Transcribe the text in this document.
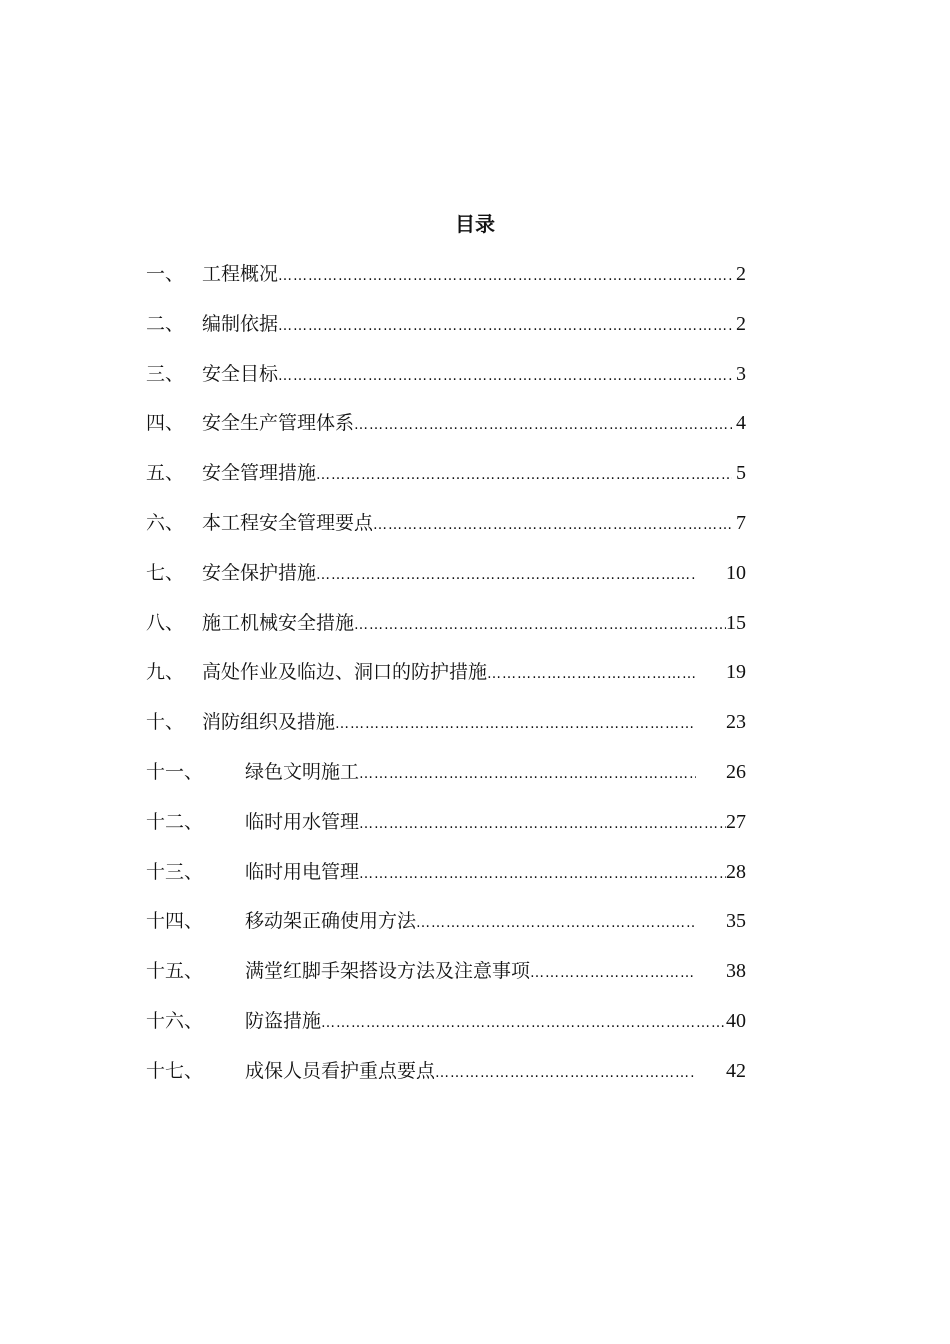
目录
一、 工程概况 …………………………………………………………………………………………………………	2
二、 编制依据 …………………………………………………………………………………………………………	2
三、 安全目标 …………………………………………………………………………………………………………	3
四、 安全生产管理体系 …………………………………………………………………………………………………………	4
五、 安全管理措施 …………………………………………………………………………………………………………	5
六、 本工程安全管理要点 …………………………………………………………………………………………………………	7
七、 安全保护措施 …………………………………………………………………………………………………………	10
八、 施工机械安全措施 …………………………………………………………………………………………………………	15
九、 高处作业及临边、洞口的防护措施 …………………………………………………………………………………………………………	19
十、 消防组织及措施 …………………………………………………………………………………………………………	23
十一、	绿色文明施工 …………………………………………………………………………………………………………	26
十二、	临时用水管理 …………………………………………………………………………………………………………	27
十三、	临时用电管理 …………………………………………………………………………………………………………	28
十四、	移动架正确使用方法 …………………………………………………………………………………………………………	35
十五、	满堂红脚手架搭设方法及注意事项 …………………………………………………………………………………………………………	38
十六、	防盗措施 …………………………………………………………………………………………………………	40
十七、	成保人员看护重点要点 …………………………………………………………………………………………………………	42
